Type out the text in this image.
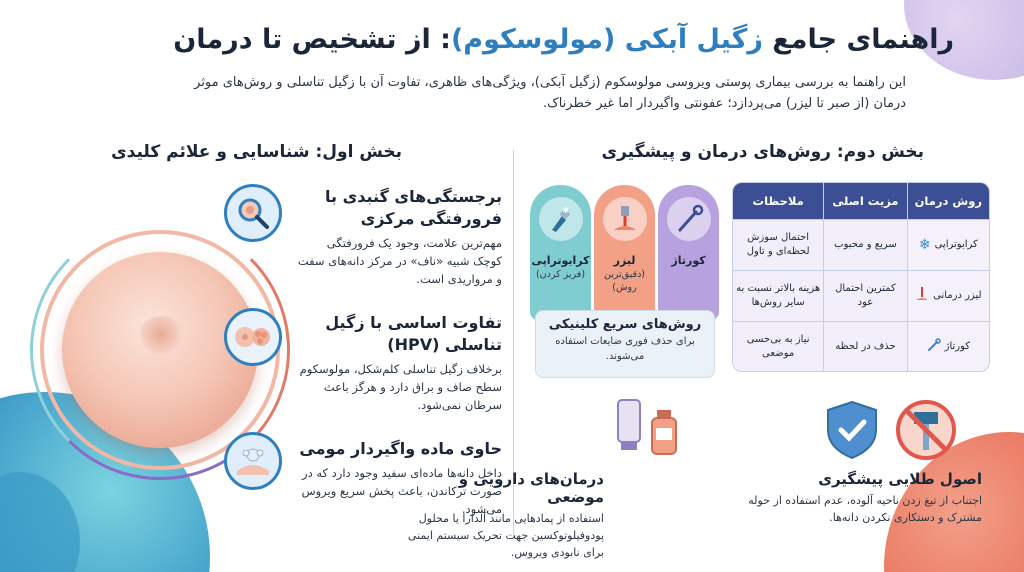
راهنمای جامع زگیل آبکی (مولوسکوم): از تشخیص تا درمان

این راهنما به بررسی بیماری پوستی ویروسی مولوسکوم (زگیل آبکی)، ویژگی‌های ظاهری، تفاوت آن با زگیل تناسلی و روش‌های موثر درمان (از صبر تا لیزر) می‌پردازد؛ عفونتی واگیردار اما غیر خطرناک.

بخش اول: شناسایی و علائم کلیدی	بخش دوم: روش‌های درمان و پیشگیری
برجستگی‌های گنبدی با فرورفتگی مرکزی

مهم‌ترین علامت، وجود یک فرورفتگی کوچک شبیه «ناف» در مرکز دانه‌های سفت و مرواریدی است.

تفاوت اساسی با زگیل تناسلی (HPV)

برخلاف زگیل تناسلی کلم‌شکل، مولوسکوم سطح صاف و براق دارد و هرگز باعث سرطان نمی‌شود.

حاوی ماده واگیردار مومی

داخل دانه‌ها ماده‌ای سفید وجود دارد که در صورت ترکاندن، باعث پخش سریع ویروس می‌شود.

✱
کرایوتراپی
(فریز کردن)
لیزر
(دقیق‌ترین روش)
کورتاژ
روش‌های سریع کلینیکی

برای حذف فوری ضایعات استفاده می‌شوند.

روش درمان
مزیت اصلی
ملاحظات
کرایوتراپی
❄
سریع و محبوب
احتمال سوزش لحظه‌ای و تاول
لیزر درمانی
کمترین احتمال عود
هزینه بالاتر نسبت به سایر روش‌ها
کورتاژ
حذف در لحظه
نیاز به بی‌حسی موضعی
درمان‌های دارویی و موضعی

استفاده از پمادهایی مانند آلدارا یا محلول پودوفیلوتوکسین جهت تحریک سیستم ایمنی برای نابودی ویروس.

اصول طلایی پیشگیری

اجتناب از تیغ زدن ناحیه آلوده، عدم استفاده از حوله مشترک و دستکاری نکردن دانه‌ها.
